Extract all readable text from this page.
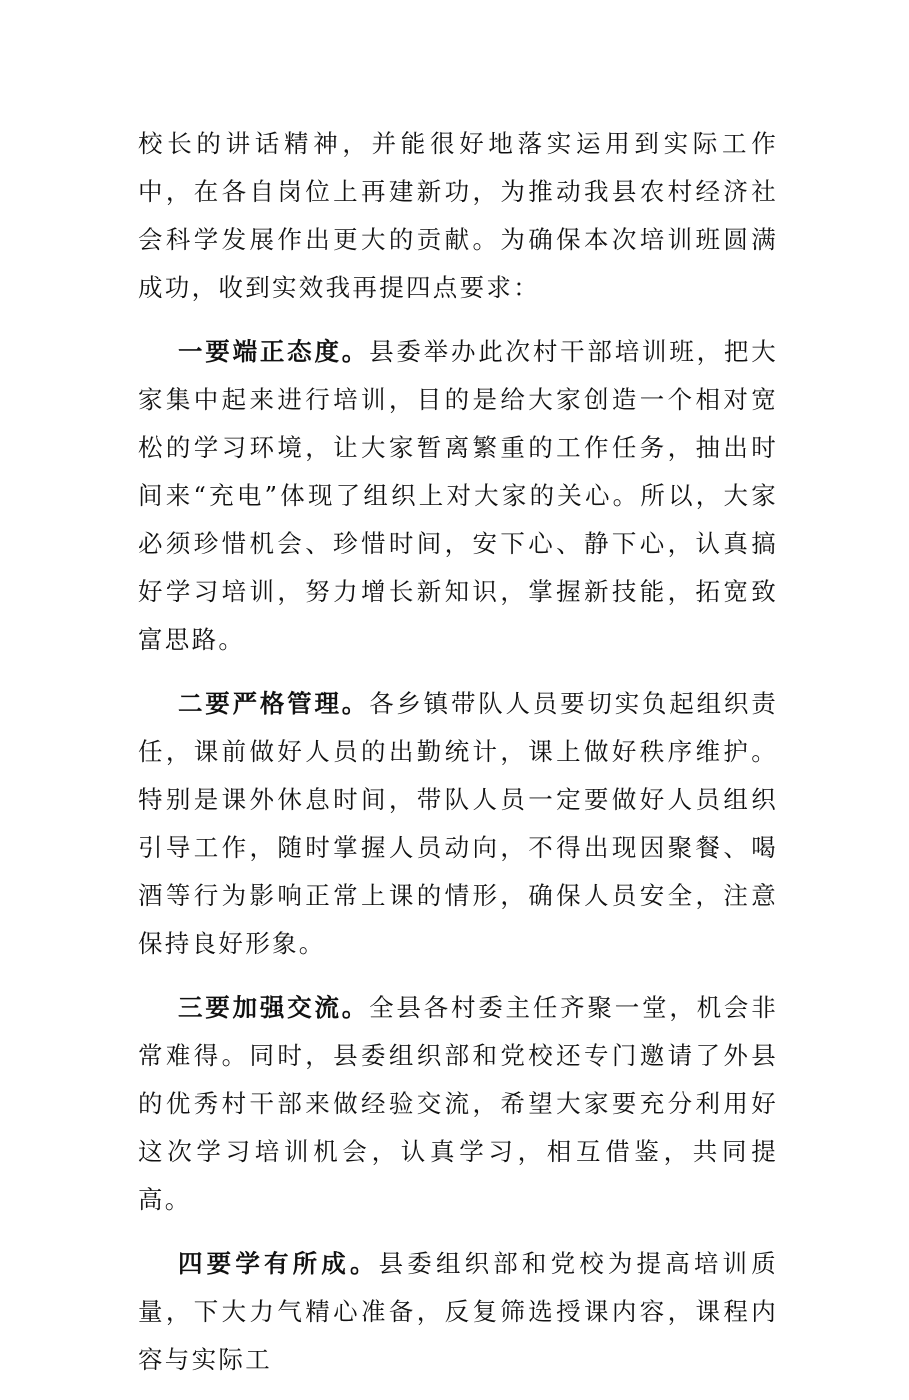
校长的讲话精神，并能很好地落实运用到实际工作中，在各自岗位上再建新功，为推动我县农村经济社会科学发展作出更大的贡献。为确保本次培训班圆满成功，收到实效我再提四点要求：

一要端正态度。县委举办此次村干部培训班，把大家集中起来进行培训，目的是给大家创造一个相对宽松的学习环境，让大家暂离繁重的工作任务，抽出时间来“充电”体现了组织上对大家的关心。所以，大家必须珍惜机会、珍惜时间，安下心、静下心，认真搞好学习培训，努力增长新知识，掌握新技能，拓宽致富思路。

二要严格管理。各乡镇带队人员要切实负起组织责任，课前做好人员的出勤统计，课上做好秩序维护。特别是课外休息时间，带队人员一定要做好人员组织引导工作，随时掌握人员动向，不得出现因聚餐、喝酒等行为影响正常上课的情形，确保人员安全，注意保持良好形象。

三要加强交流。全县各村委主任齐聚一堂，机会非常难得。同时，县委组织部和党校还专门邀请了外县的优秀村干部来做经验交流，希望大家要充分利用好这次学习培训机会，认真学习，相互借鉴，共同提高。

四要学有所成。县委组织部和党校为提高培训质量，下大力气精心准备，反复筛选授课内容，课程内容与实际工
